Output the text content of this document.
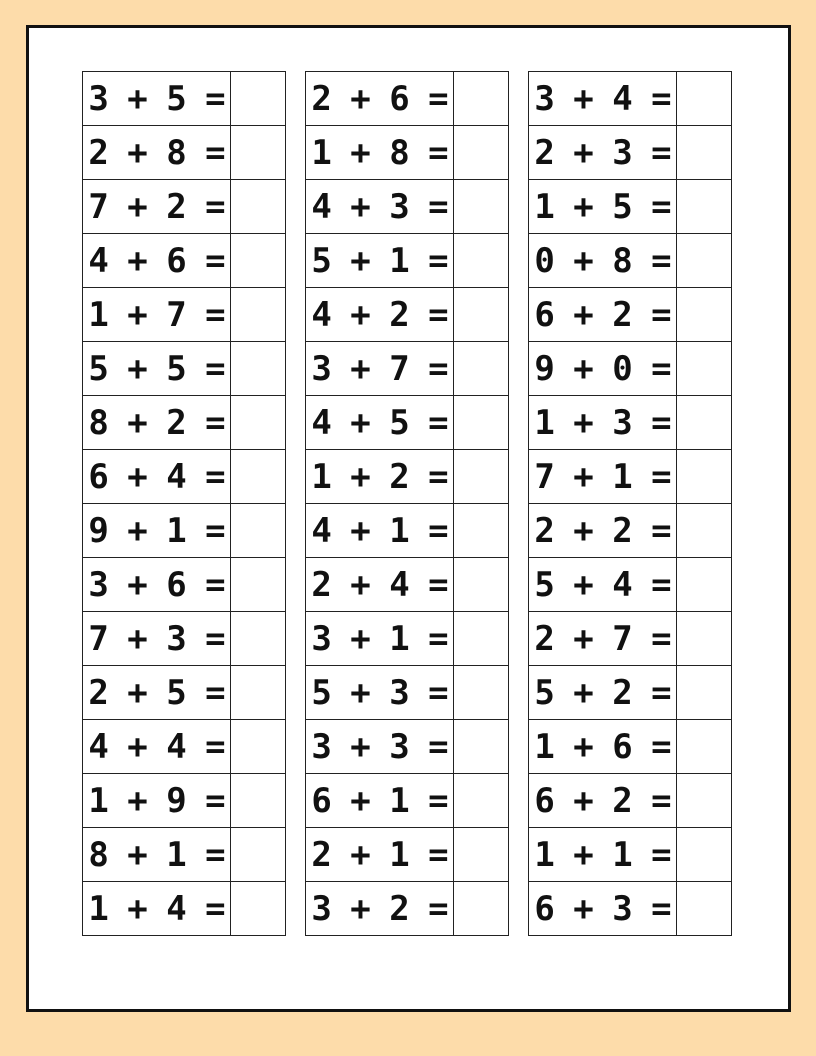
3 + 5 =
2 + 8 =
7 + 2 =
4 + 6 =
1 + 7 =
5 + 5 =
8 + 2 =
6 + 4 =
9 + 1 =
3 + 6 =
7 + 3 =
2 + 5 =
4 + 4 =
1 + 9 =
8 + 1 =
1 + 4 =
2 + 6 =
1 + 8 =
4 + 3 =
5 + 1 =
4 + 2 =
3 + 7 =
4 + 5 =
1 + 2 =
4 + 1 =
2 + 4 =
3 + 1 =
5 + 3 =
3 + 3 =
6 + 1 =
2 + 1 =
3 + 2 =
3 + 4 =
2 + 3 =
1 + 5 =
0 + 8 =
6 + 2 =
9 + 0 =
1 + 3 =
7 + 1 =
2 + 2 =
5 + 4 =
2 + 7 =
5 + 2 =
1 + 6 =
6 + 2 =
1 + 1 =
6 + 3 =
